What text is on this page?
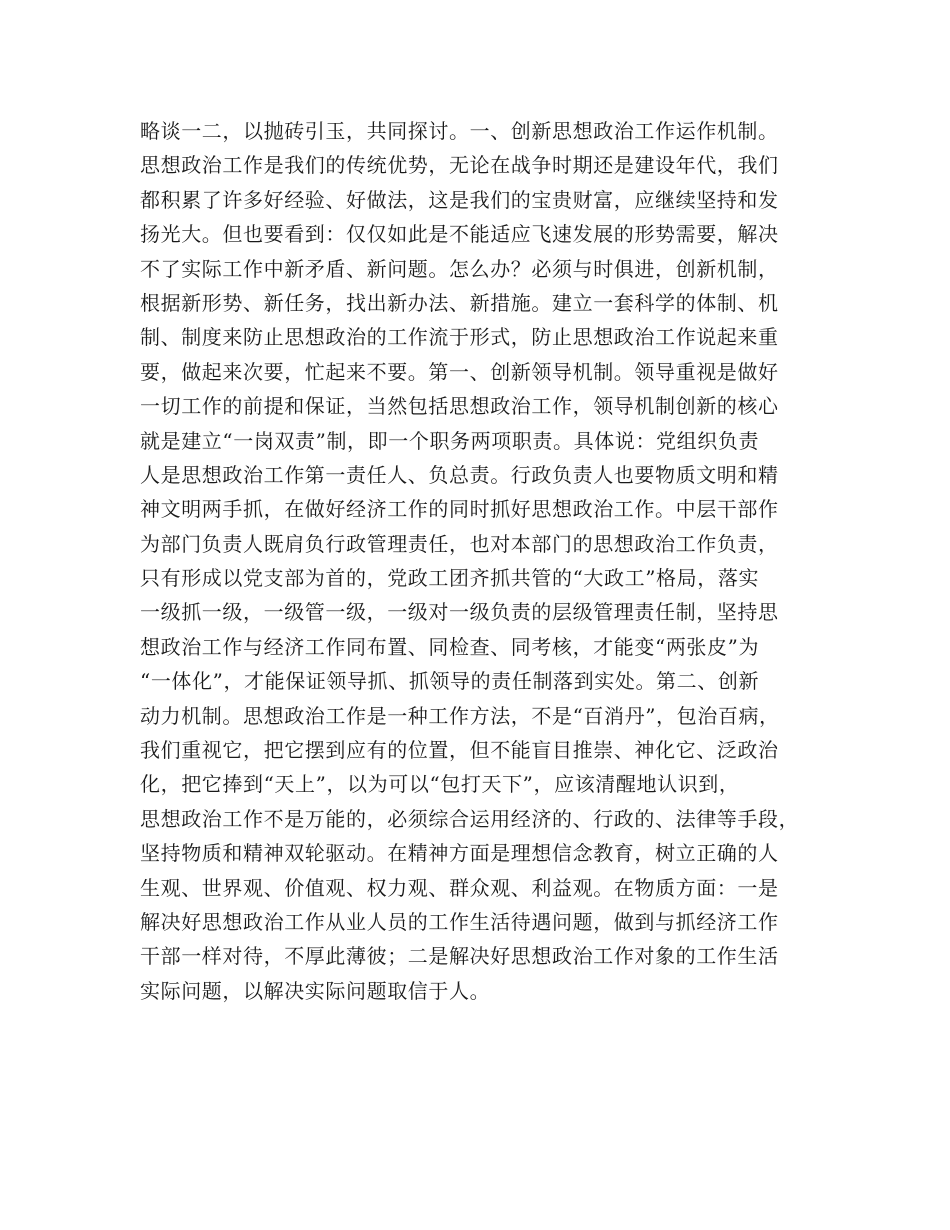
略谈一二，以抛砖引玉，共同探讨。一、创新思想政治工作运作机制。
思想政治工作是我们的传统优势，无论在战争时期还是建设年代，我们
都积累了许多好经验、好做法，这是我们的宝贵财富，应继续坚持和发
扬光大。但也要看到：仅仅如此是不能适应飞速发展的形势需要，解决
不了实际工作中新矛盾、新问题。怎么办？必须与时俱进，创新机制，
根据新形势、新任务，找出新办法、新措施。建立一套科学的体制、机
制、制度来防止思想政治的工作流于形式，防止思想政治工作说起来重
要，做起来次要，忙起来不要。第一、创新领导机制。领导重视是做好
一切工作的前提和保证，当然包括思想政治工作，领导机制创新的核心
就是建立“一岗双责”制，即一个职务两项职责。具体说：党组织负责
人是思想政治工作第一责任人、负总责。行政负责人也要物质文明和精
神文明两手抓，在做好经济工作的同时抓好思想政治工作。中层干部作
为部门负责人既肩负行政管理责任，也对本部门的思想政治工作负责，
只有形成以党支部为首的，党政工团齐抓共管的“大政工”格局，落实
一级抓一级，一级管一级，一级对一级负责的层级管理责任制，坚持思
想政治工作与经济工作同布置、同检查、同考核，才能变“两张皮”为
“一体化”，才能保证领导抓、抓领导的责任制落到实处。第二、创新
动力机制。思想政治工作是一种工作方法，不是“百消丹”，包治百病，
我们重视它，把它摆到应有的位置，但不能盲目推崇、神化它、泛政治
化，把它捧到“天上”，以为可以“包打天下”，应该清醒地认识到，
思想政治工作不是万能的，必须综合运用经济的、行政的、法律等手段，
坚持物质和精神双轮驱动。在精神方面是理想信念教育，树立正确的人
生观、世界观、价值观、权力观、群众观、利益观。在物质方面：一是
解决好思想政治工作从业人员的工作生活待遇问题，做到与抓经济工作
干部一样对待，不厚此薄彼；二是解决好思想政治工作对象的工作生活
实际问题，以解决实际问题取信于人。
